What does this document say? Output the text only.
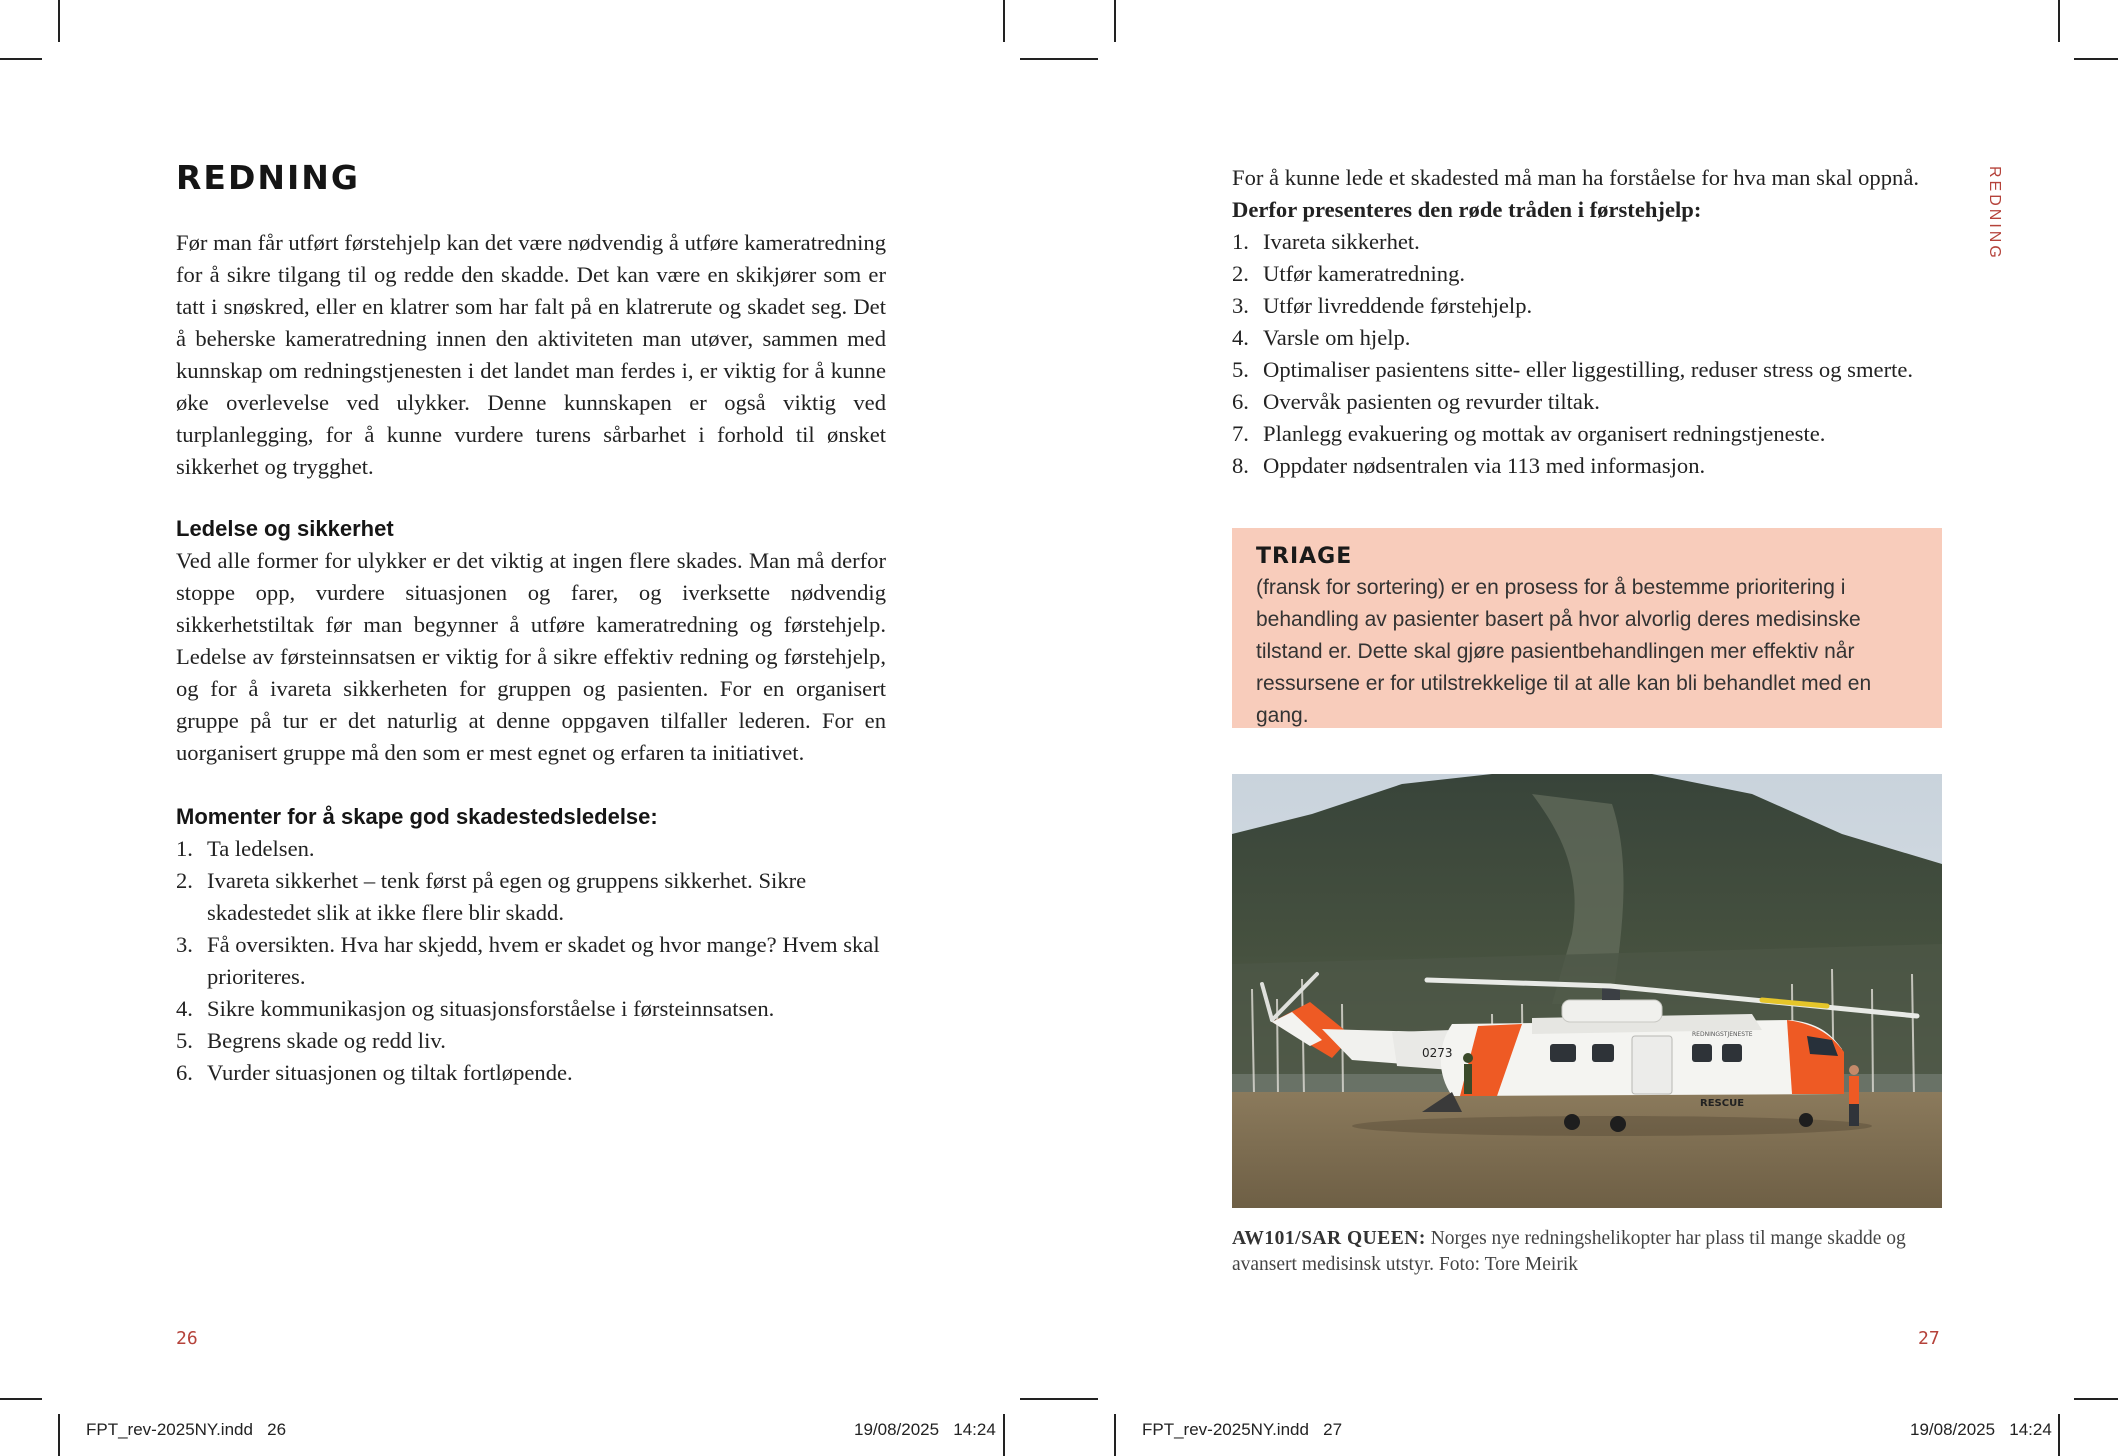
REDNING

Før man får utført førstehjelp kan det være nødvendig å utføre kameratredning for å sikre tilgang til og redde den skadde. Det kan være en skikjører som er tatt i snøskred, eller en klatrer som har falt på en klatrerute og skadet seg. Det å beherske kameratredning innen den aktiviteten man utøver, sammen med kunnskap om redningstjenesten i det landet man ferdes i, er viktig for å kunne øke overlevelse ved ulykker. Denne kunnskapen er også viktig ved turplanlegging, for å kunne vurdere turens sårbarhet i forhold til ønsket sikkerhet og trygghet.

Ledelse og sikkerhet

Ved alle former for ulykker er det viktig at ingen flere skades. Man må derfor stoppe opp, vurdere situasjonen og farer, og iverksette nødvendig sikkerhetstiltak før man begynner å utføre kameratredning og førstehjelp. Ledelse av førsteinnsatsen er viktig for å sikre effektiv redning og førstehjelp, og for å ivareta sikkerheten for gruppen og pasienten. For en organisert gruppe på tur er det naturlig at denne oppgaven tilfaller lederen. For en uorganisert gruppe må den som er mest egnet og erfaren ta initiativet.

Momenter for å skape god skadestedsledelse:
1. Ta ledelsen.
2. Ivareta sikkerhet – tenk først på egen og gruppens sikkerhet. Sikre skadestedet slik at ikke flere blir skadd.
3. Få oversikten. Hva har skjedd, hvem er skadet og hvor mange? Hvem skal prioriteres.
4. Sikre kommunikasjon og situasjonsforståelse i førsteinnsatsen.
5. Begrens skade og redd liv.
6. Vurder situasjonen og tiltak fortløpende.
26
FPT_rev-2025NY.indd   26	19/08/2025   14:24

For å kunne lede et skadested må man ha forståelse for hva man skal oppnå.

Derfor presenteres den røde tråden i førstehjelp:

1. Ivareta sikkerhet.
2. Utfør kameratredning.
3. Utfør livreddende førstehjelp.
4. Varsle om hjelp.
5. Optimaliser pasientens sitte- eller liggestilling, reduser stress og smerte.
6. Overvåk pasienten og revurder tiltak.
7. Planlegg evakuering og mottak av organisert redningstjeneste.
8. Oppdater nødsentralen via 113 med informasjon.
TRIAGE

(fransk for sortering) er en prosess for å bestemme prioritering i behandling av pasienter basert på hvor alvorlig deres medisinske tilstand er. Dette skal gjøre pasientbehandlingen mer effektiv når ressursene er for utilstrekkelige til at alle kan bli behandlet med en gang.

0273
RESCUE
REDNINGSTJENESTE

AW101/SAR QUEEN: Norges nye redningshelikopter har plass til mange skadde og avansert medisinsk utstyr. Foto: Tore Meirik

REDNING
27
FPT_rev-2025NY.indd   27	19/08/2025   14:24
